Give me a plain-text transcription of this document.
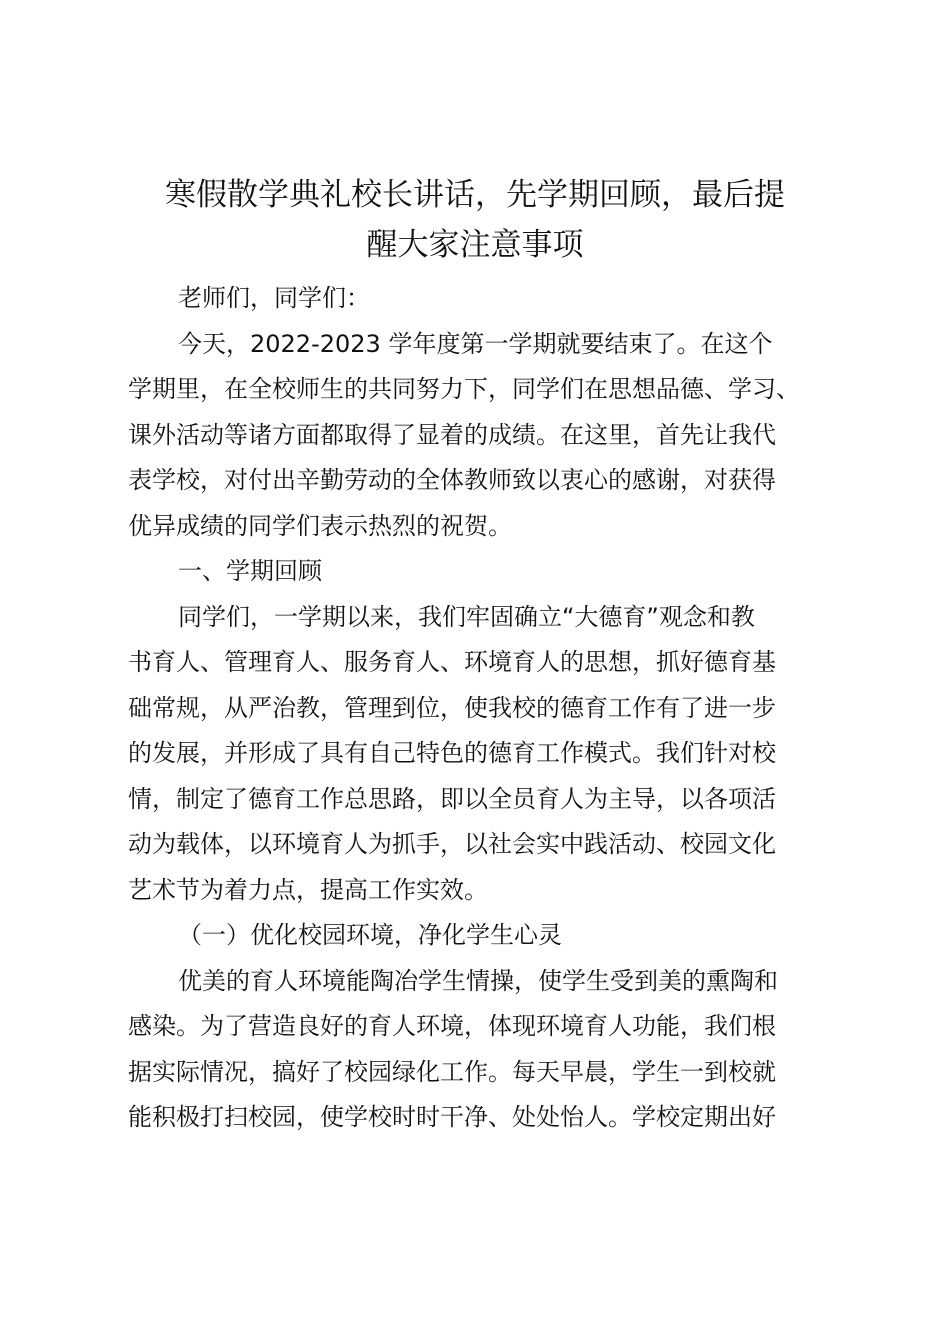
寒假散学典礼校长讲话，先学期回顾，最后提
醒大家注意事项
老师们，同学们：
今天，2022-2023 学年度第一学期就要结束了。在这个
学期里，在全校师生的共同努力下，同学们在思想品德、学习、
课外活动等诸方面都取得了显着的成绩。在这里，首先让我代
表学校，对付出辛勤劳动的全体教师致以衷心的感谢，对获得
优异成绩的同学们表示热烈的祝贺。
一、学期回顾
同学们，一学期以来，我们牢固确立“大德育”观念和教
书育人、管理育人、服务育人、环境育人的思想，抓好德育基
础常规，从严治教，管理到位，使我校的德育工作有了进一步
的发展，并形成了具有自己特色的德育工作模式。我们针对校
情，制定了德育工作总思路，即以全员育人为主导，以各项活
动为载体，以环境育人为抓手，以社会实中践活动、校园文化
艺术节为着力点，提高工作实效。
（一）优化校园环境，净化学生心灵
优美的育人环境能陶冶学生情操，使学生受到美的熏陶和
感染。为了营造良好的育人环境，体现环境育人功能，我们根
据实际情况，搞好了校园绿化工作。每天早晨，学生一到校就
能积极打扫校园，使学校时时干净、处处怡人。学校定期出好
